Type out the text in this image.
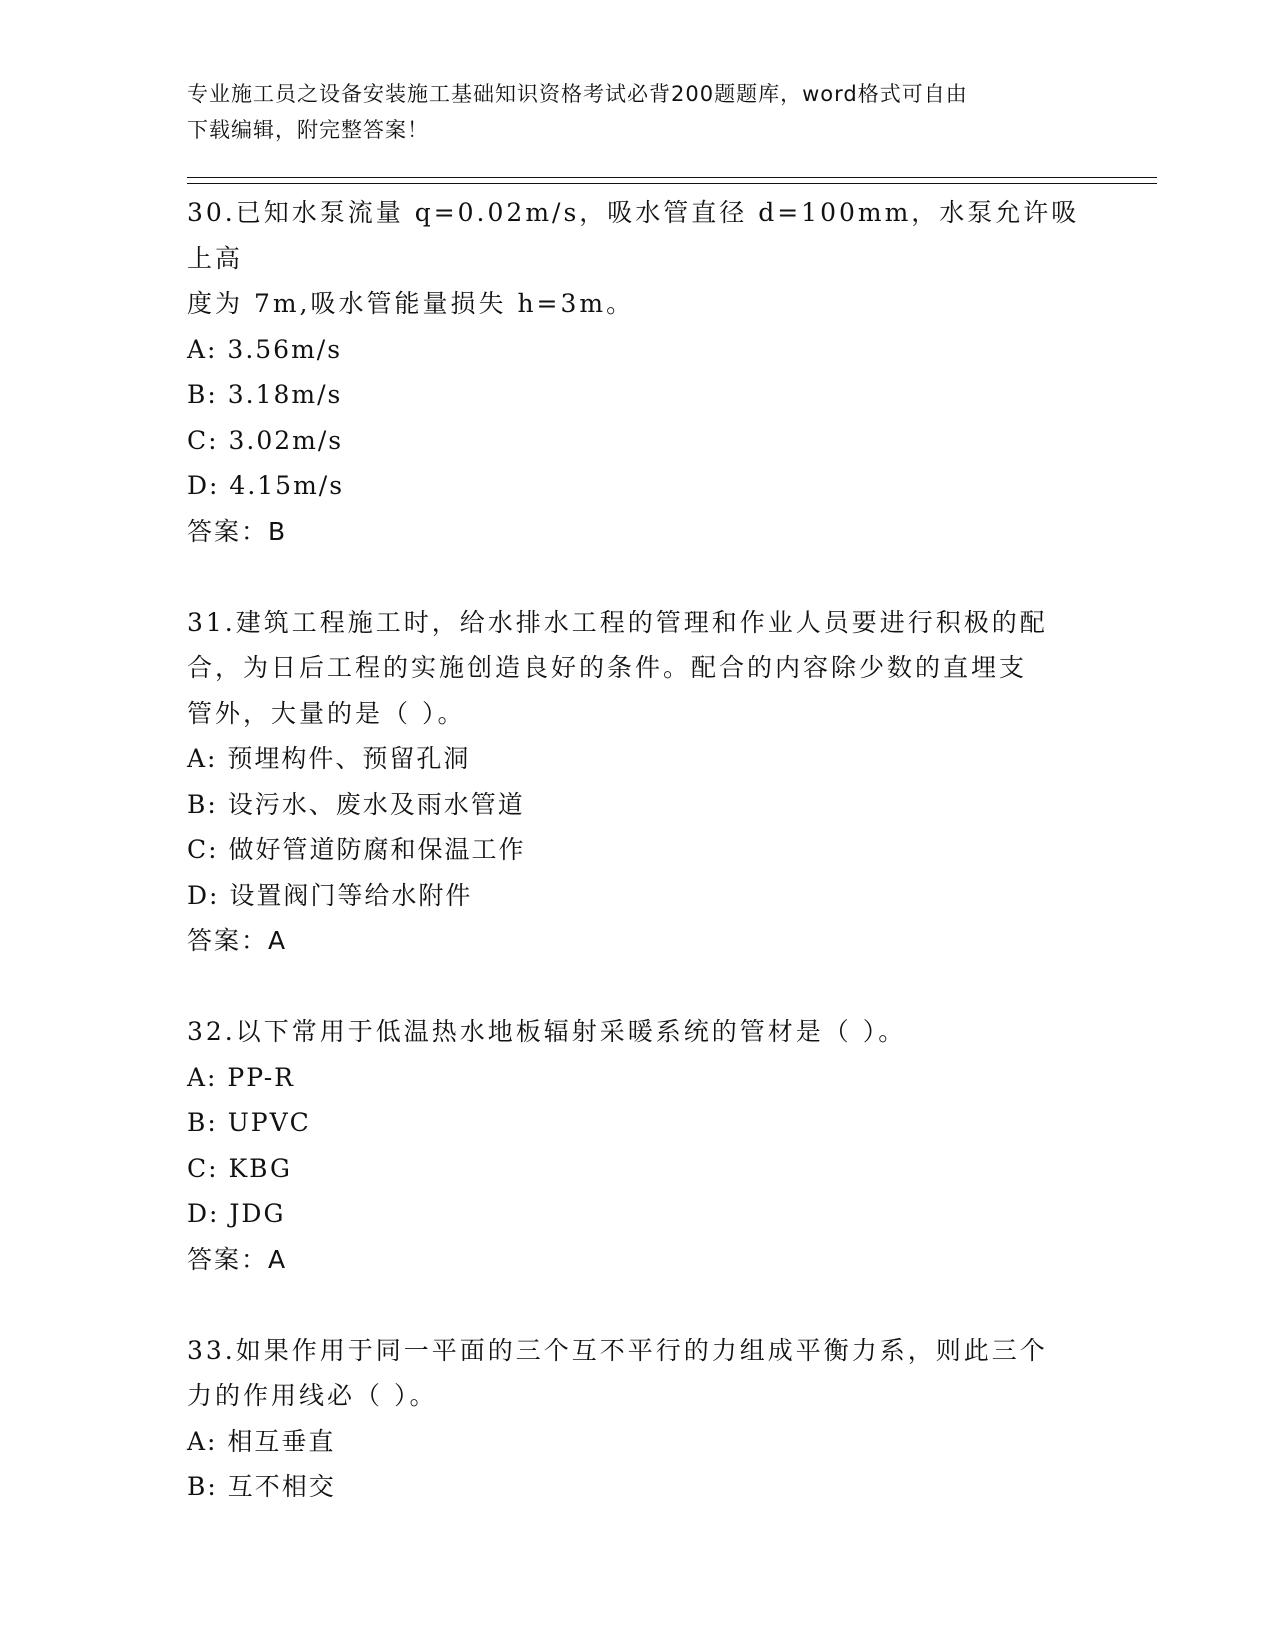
专业施工员之设备安装施工基础知识资格考试必背200题题库，word格式可自由
下载编辑，附完整答案！
30.已知水泵流量 q=0.02m/s，吸水管直径 d=100mm，水泵允许吸上高
度为 7m,吸水管能量损失 h=3m。
A: 3.56m/s
B: 3.18m/s
C: 3.02m/s
D: 4.15m/s
答案：B
31.建筑工程施工时，给水排水工程的管理和作业人员要进行积极的配
合，为日后工程的实施创造良好的条件。配合的内容除少数的直埋支
管外，大量的是（ ）。
A: 预埋构件、预留孔洞
B: 设污水、废水及雨水管道
C: 做好管道防腐和保温工作
D: 设置阀门等给水附件
答案：A
32.以下常用于低温热水地板辐射采暖系统的管材是（ ）。
A: PP-R
B: UPVC
C: KBG
D: JDG
答案：A
33.如果作用于同一平面的三个互不平行的力组成平衡力系，则此三个
力的作用线必（ ）。
A: 相互垂直
B: 互不相交
